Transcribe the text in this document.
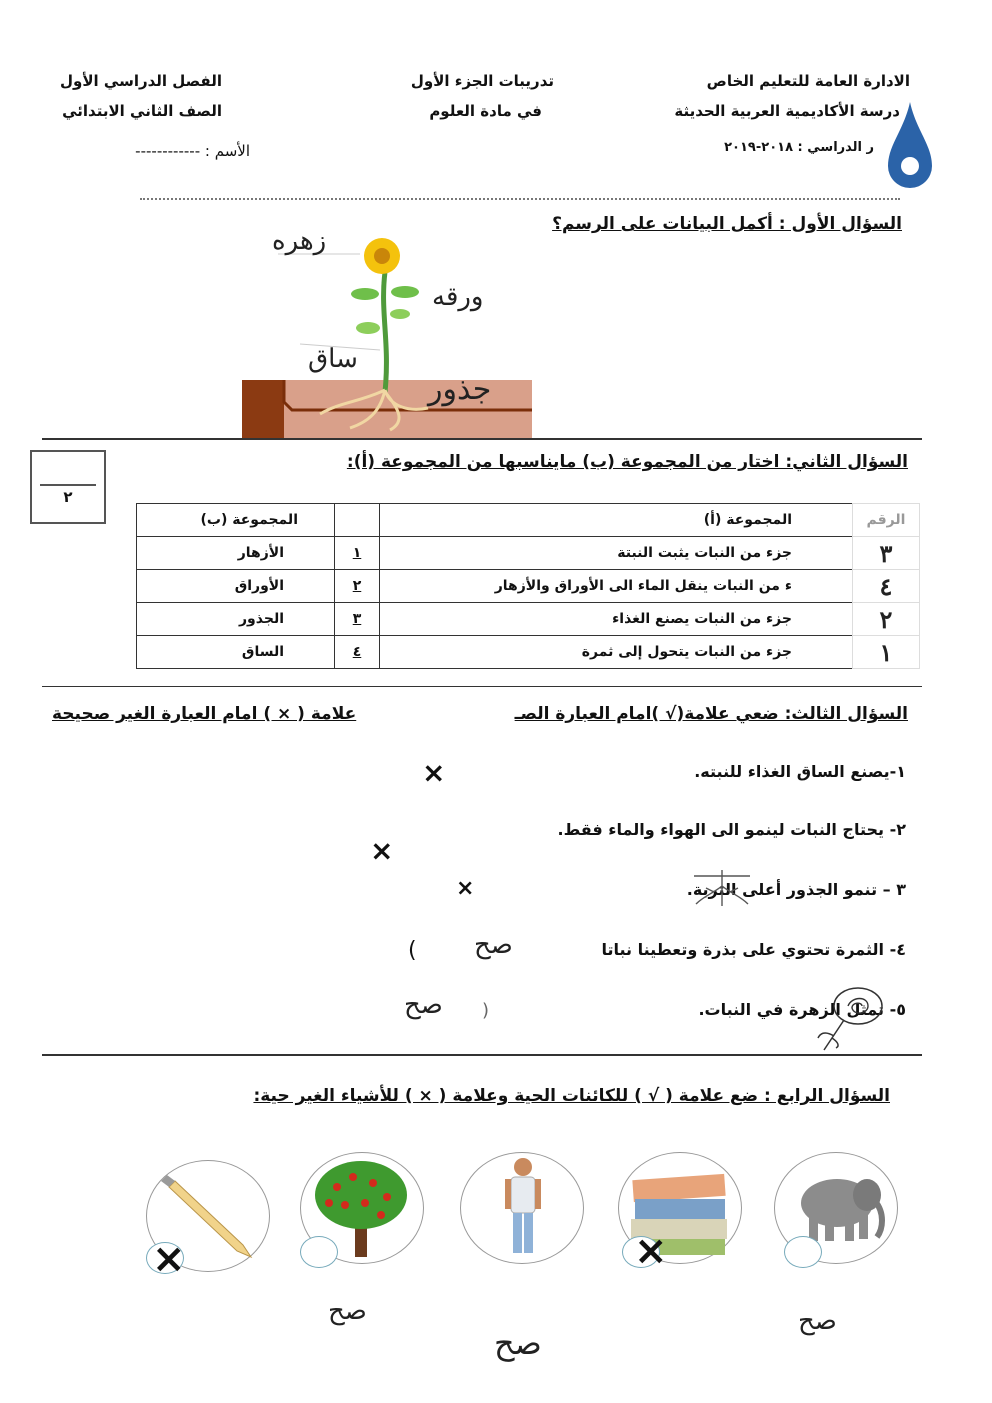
الادارة العامة للتعليم الخاص
درسة الأكاديمية العربية الحديثة
ر الدراسي : ٢٠١٨-٢٠١٩
تدريبات الجزء الأول
في مادة العلوم
الفصل الدراسي الأول
الصف الثاني الابتدائي
الأسم : ------------
السؤال الأول : أكمل البيانات على الرسم؟
زهره
ورقه
ساق
جذور
السؤال الثاني: اختار من المجموعة (ب) مايناسبها من المجموعة (أ):
٢
الرقم	المجموعة (أ)		المجموعة (ب)
٣	جزء من النبات يثبت النبتة	١	الأزهار
٤	ء من النبات ينقل الماء الى الأوراق والأزهار	٢	الأوراق
٢	جزء من النبات يصنع الغذاء	٣	الجذور
١	جزء من النبات يتحول إلى ثمرة	٤	الساق
السؤال الثالث: ضعي علامة(√ )امام العبارة الصـ
علامة ( × ) امام العبارة الغير صحيحة
١-يصنع الساق الغذاء للنبته.
×
٢- يحتاج النبات لينمو الى الهواء والماء فقط.
×
٣ – تنمو الجذور أعلى التربة.
×
٤- الثمرة تحتوي على بذرة وتعطينا نباتا
صح
(
٥- تمثل الزهرة في النبات.
صح )
السؤال الرابع : ضع علامة ( √ ) للكائنات الحية وعلامة ( × ) للأشياء الغير حية:
صح
×
صح
صح
×
